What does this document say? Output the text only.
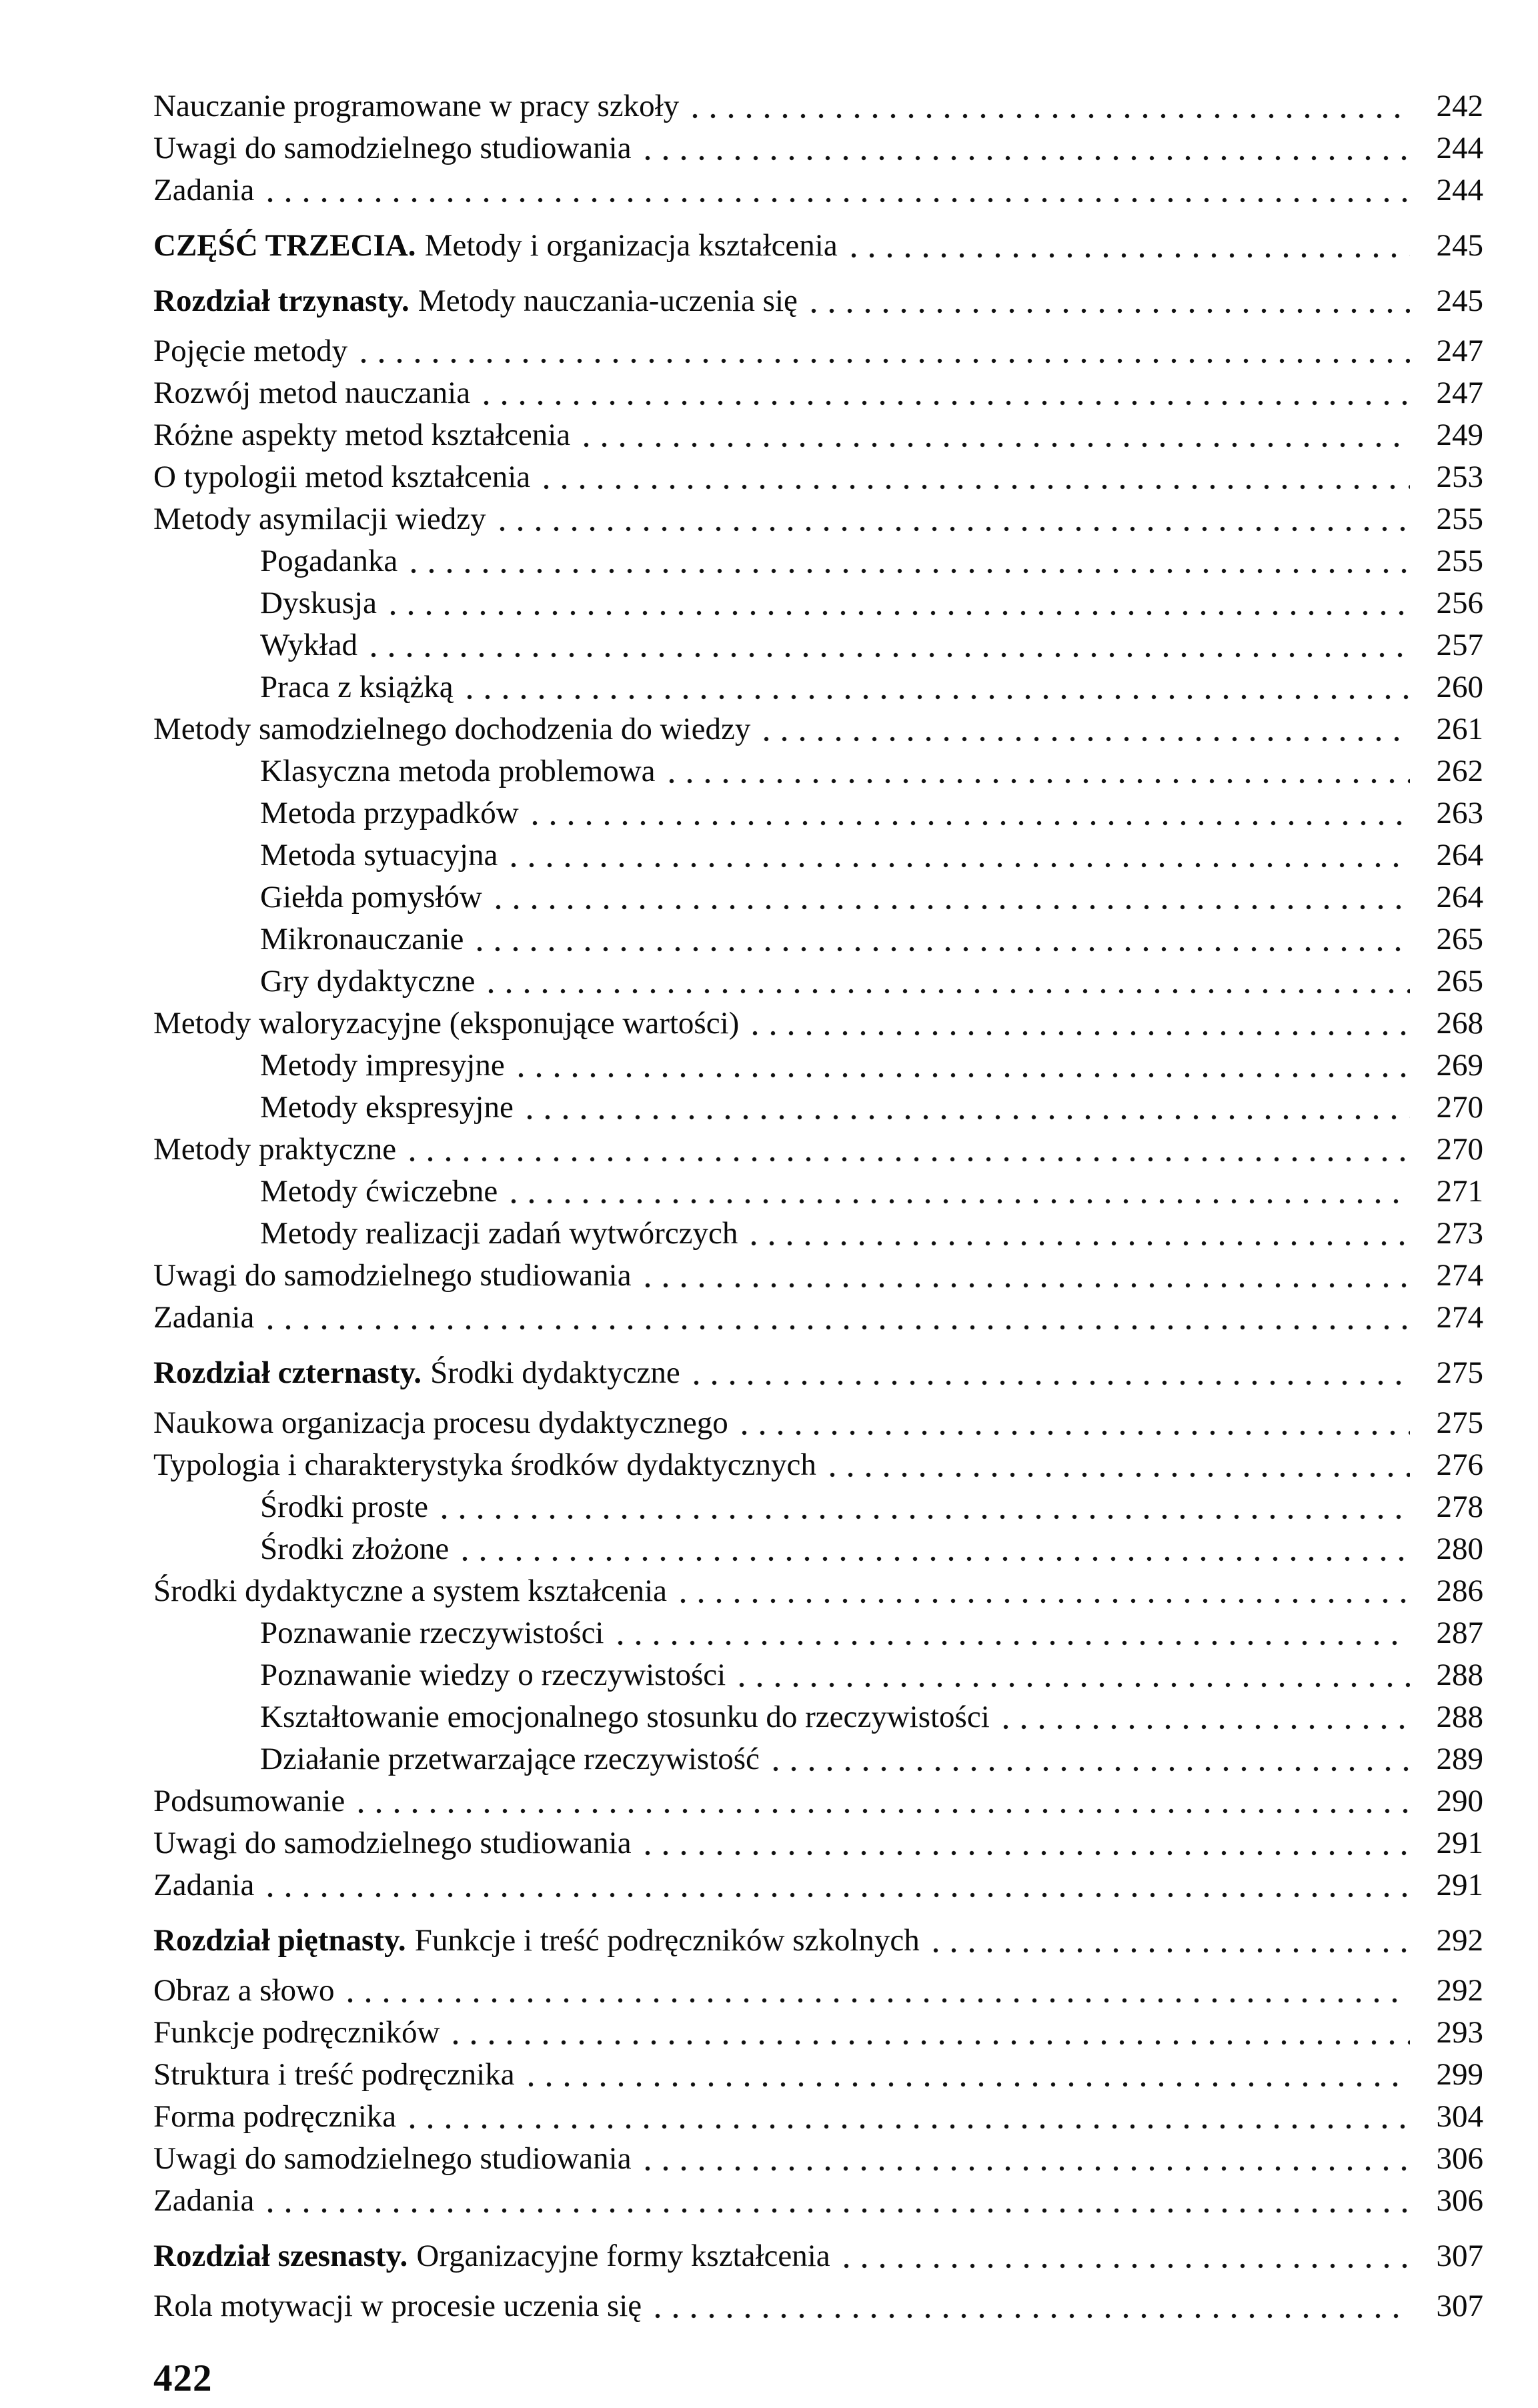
Nauczanie programowane w pracy szkoły	242
Uwagi do samodzielnego studiowania	244
Zadania	244
CZĘŚĆ TRZECIA. Metody i organizacja kształcenia	245
Rozdział trzynasty. Metody nauczania-uczenia się	245
Pojęcie metody	247
Rozwój metod nauczania	247
Różne aspekty metod kształcenia	249
O typologii metod kształcenia	253
Metody asymilacji wiedzy	255
Pogadanka	255
Dyskusja	256
Wykład	257
Praca z książką	260
Metody samodzielnego dochodzenia do wiedzy	261
Klasyczna metoda problemowa	262
Metoda przypadków	263
Metoda sytuacyjna	264
Giełda pomysłów	264
Mikronauczanie	265
Gry dydaktyczne	265
Metody waloryzacyjne (eksponujące wartości)	268
Metody impresyjne	269
Metody ekspresyjne	270
Metody praktyczne	270
Metody ćwiczebne	271
Metody realizacji zadań wytwórczych	273
Uwagi do samodzielnego studiowania	274
Zadania	274
Rozdział czternasty. Środki dydaktyczne	275
Naukowa organizacja procesu dydaktycznego	275
Typologia i charakterystyka środków dydaktycznych	276
Środki proste	278
Środki złożone	280
Środki dydaktyczne a system kształcenia	286
Poznawanie rzeczywistości	287
Poznawanie wiedzy o rzeczywistości	288
Kształtowanie emocjonalnego stosunku do rzeczywistości	288
Działanie przetwarzające rzeczywistość	289
Podsumowanie	290
Uwagi do samodzielnego studiowania	291
Zadania	291
Rozdział piętnasty. Funkcje i treść podręczników szkolnych	292
Obraz a słowo	292
Funkcje podręczników	293
Struktura i treść podręcznika	299
Forma podręcznika	304
Uwagi do samodzielnego studiowania	306
Zadania	306
Rozdział szesnasty. Organizacyjne formy kształcenia	307
Rola motywacji w procesie uczenia się	307
422
